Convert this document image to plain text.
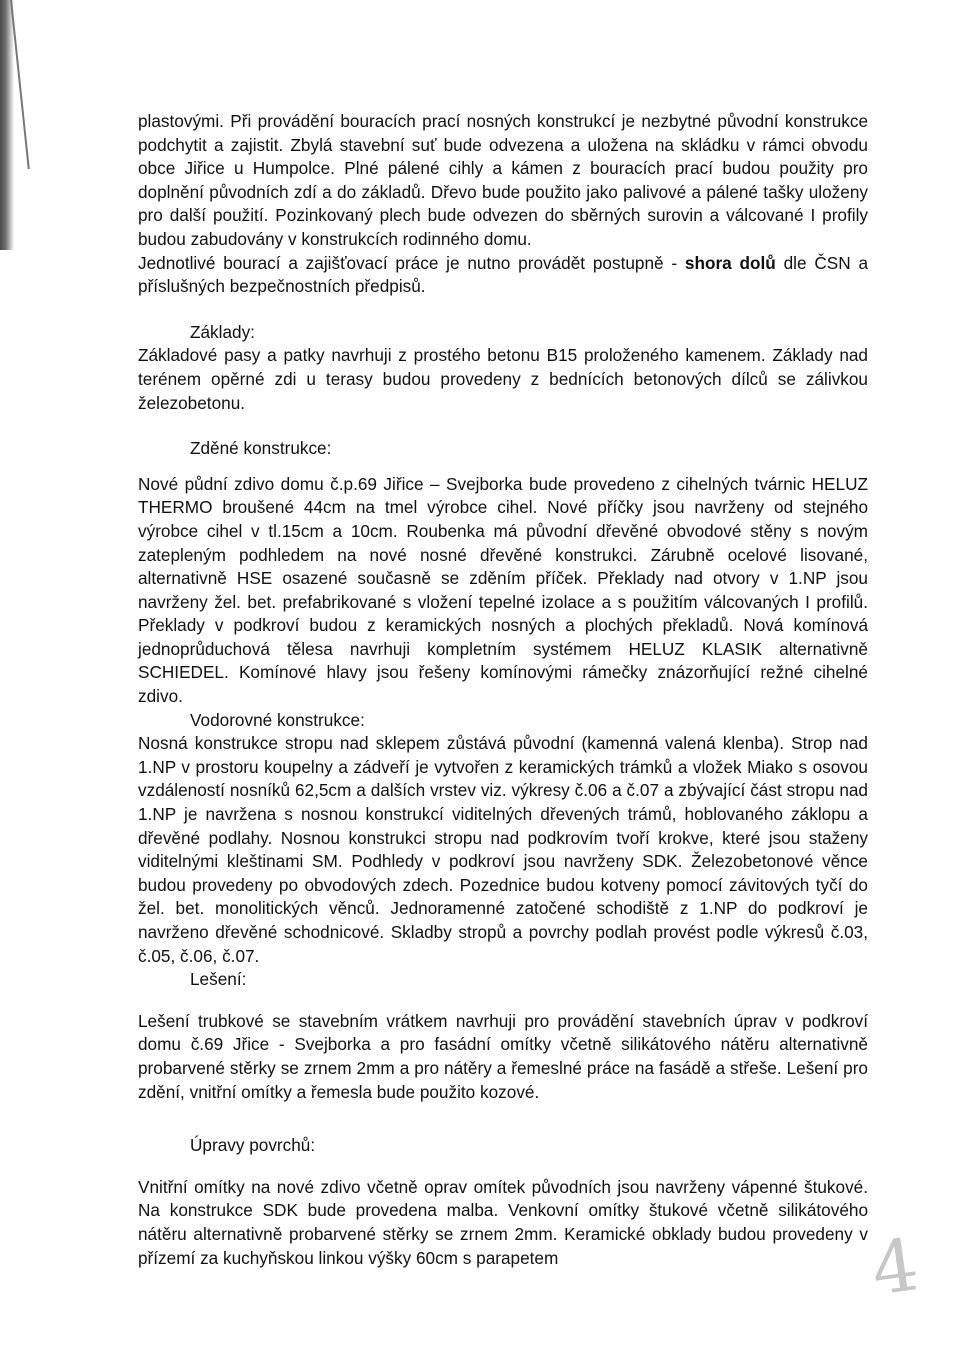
plastovými. Při provádění bouracích prací nosných konstrukcí je nezbytné původní konstrukce podchytit a zajistit. Zbylá stavební suť bude odvezena a uložena na skládku v rámci obvodu obce Jiřice u Humpolce. Plné pálené cihly a kámen z bouracích prací budou použity pro doplnění původních zdí a do základů. Dřevo bude použito jako palivové a pálené tašky uloženy pro další použití. Pozinkovaný plech bude odvezen do sběrných surovin a válcované I profily budou zabudovány v konstrukcích rodinného domu.

Jednotlivé bourací a zajišťovací práce je nutno provádět postupně - shora dolů dle ČSN a příslušných bezpečnostních předpisů.

Základy:

Základové pasy a patky navrhuji z prostého betonu B15 proloženého kamenem. Základy nad terénem opěrné zdi u terasy budou provedeny z bednících betonových dílců se zálivkou železobetonu.

Zděné konstrukce:

Nové půdní zdivo domu č.p.69 Jiřice – Svejborka bude provedeno z cihelných tvárnic HELUZ THERMO broušené 44cm na tmel výrobce cihel. Nové příčky jsou navrženy od stejného výrobce cihel v tl.15cm a 10cm. Roubenka má původní dřevěné obvodové stěny s novým zatepleným podhledem na nové nosné dřevěné konstrukci. Zárubně ocelové lisované, alternativně HSE osazené současně se zděním příček. Překlady nad otvory v 1.NP jsou navrženy žel. bet. prefabrikované s vložení tepelné izolace a s použitím válcovaných I profilů. Překlady v podkroví budou z keramických nosných a plochých překladů. Nová komínová jednoprůduchová tělesa navrhuji kompletním systémem HELUZ KLASIK alternativně SCHIEDEL. Komínové hlavy jsou řešeny komínovými rámečky znázorňující režné cihelné zdivo.

Vodorovné konstrukce:

Nosná konstrukce stropu nad sklepem zůstává původní (kamenná valená klenba). Strop nad 1.NP v prostoru koupelny a zádveří je vytvořen z keramických trámků a vložek Miako s osovou vzdáleností nosníků 62,5cm a dalších vrstev viz. výkresy č.06 a č.07 a zbývající část stropu nad 1.NP je navržena s nosnou konstrukcí viditelných dřevených trámů, hoblovaného záklopu a dřevěné podlahy. Nosnou konstrukci stropu nad podkrovím tvoří krokve, které jsou staženy viditelnými kleštinami SM. Podhledy v podkroví jsou navrženy SDK. Železobetonové věnce budou provedeny po obvodových zdech. Pozednice budou kotveny pomocí závitových tyčí do žel. bet. monolitických věnců. Jednoramenné zatočené schodiště z 1.NP do podkroví je navrženo dřevěné schodnicové. Skladby stropů a povrchy podlah provést podle výkresů č.03, č.05, č.06, č.07.

Lešení:

Lešení trubkové se stavebním vrátkem navrhuji pro provádění stavebních úprav v podkroví domu č.69 Jřice - Svejborka a pro fasádní omítky včetně silikátového nátěru alternativně probarvené stěrky se zrnem 2mm a pro nátěry a řemeslné práce na fasádě a střeše. Lešení pro zdění, vnitřní omítky a řemesla bude použito kozové.

Úpravy povrchů:

Vnitřní omítky na nové zdivo včetně oprav omítek původních jsou navrženy vápenné štukové. Na konstrukce SDK bude provedena malba. Venkovní omítky štukové včetně silikátového nátěru alternativně probarvené stěrky se zrnem 2mm. Keramické obklady budou provedeny v přízemí za kuchyňskou linkou výšky 60cm s parapetem	4
